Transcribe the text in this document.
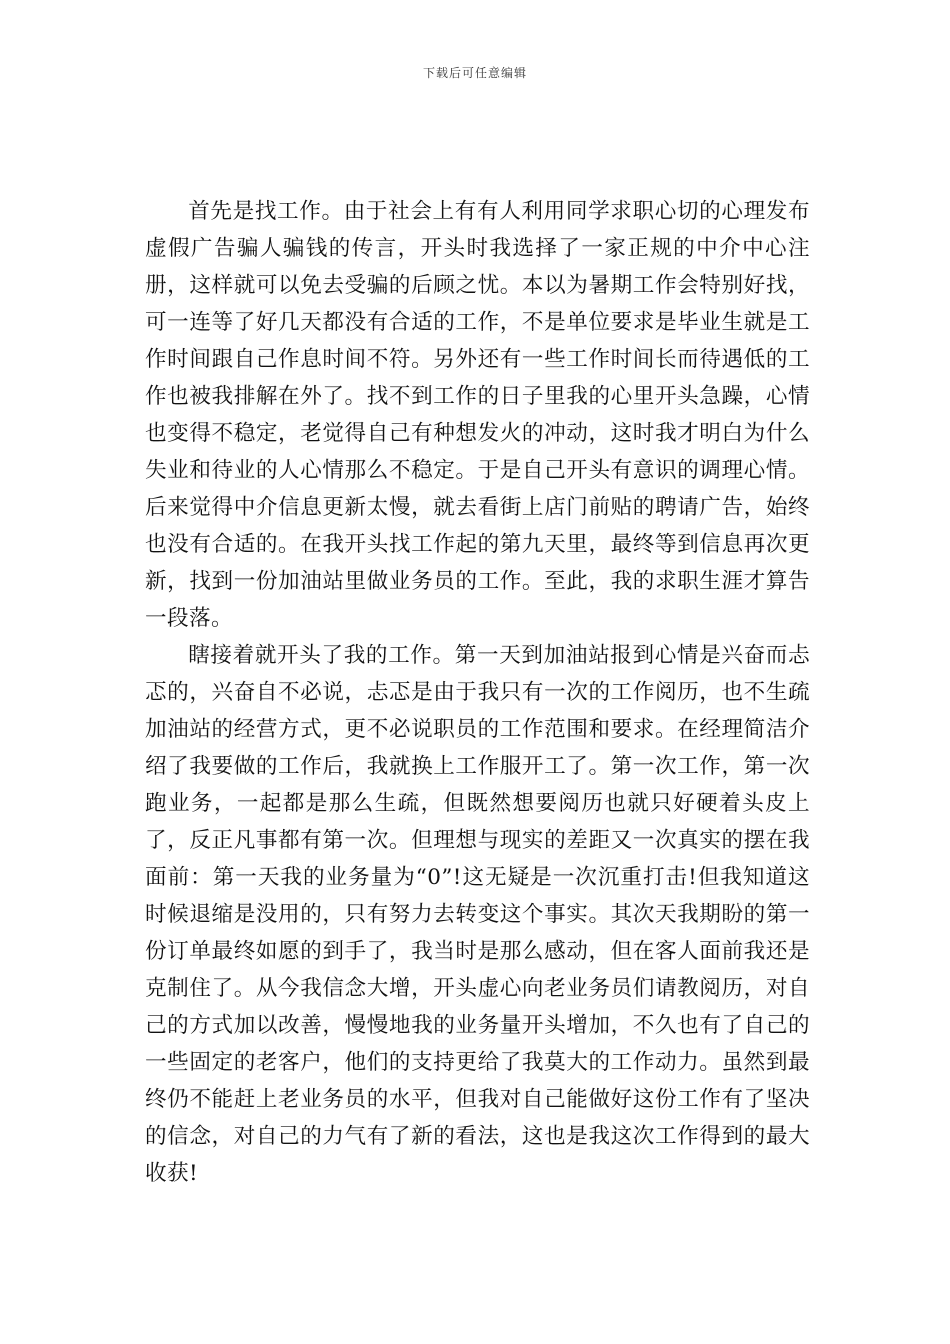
下载后可任意编辑

首先是找工作。由于社会上有有人利用同学求职心切的心理发布虚假广告骗人骗钱的传言，开头时我选择了一家正规的中介中心注册，这样就可以免去受骗的后顾之忧。本以为暑期工作会特别好找，可一连等了好几天都没有合适的工作，不是单位要求是毕业生就是工作时间跟自己作息时间不符。另外还有一些工作时间长而待遇低的工作也被我排解在外了。找不到工作的日子里我的心里开头急躁，心情也变得不稳定，老觉得自己有种想发火的冲动，这时我才明白为什么失业和待业的人心情那么不稳定。于是自己开头有意识的调理心情。后来觉得中介信息更新太慢，就去看街上店门前贴的聘请广告，始终也没有合适的。在我开头找工作起的第九天里，最终等到信息再次更新，找到一份加油站里做业务员的工作。至此，我的求职生涯才算告一段落。

瞎接着就开头了我的工作。第一天到加油站报到心情是兴奋而忐忑的，兴奋自不必说，忐忑是由于我只有一次的工作阅历，也不生疏加油站的经营方式，更不必说职员的工作范围和要求。在经理简洁介绍了我要做的工作后，我就换上工作服开工了。第一次工作，第一次跑业务，一起都是那么生疏，但既然想要阅历也就只好硬着头皮上了，反正凡事都有第一次。但理想与现实的差距又一次真实的摆在我面前：第一天我的业务量为“0”!这无疑是一次沉重打击!但我知道这时候退缩是没用的，只有努力去转变这个事实。其次天我期盼的第一份订单最终如愿的到手了，我当时是那么感动，但在客人面前我还是克制住了。从今我信念大增，开头虚心向老业务员们请教阅历，对自己的方式加以改善，慢慢地我的业务量开头增加，不久也有了自己的一些固定的老客户，他们的支持更给了我莫大的工作动力。虽然到最终仍不能赶上老业务员的水平，但我对自己能做好这份工作有了坚决的信念，对自己的力气有了新的看法，这也是我这次工作得到的最大收获!
